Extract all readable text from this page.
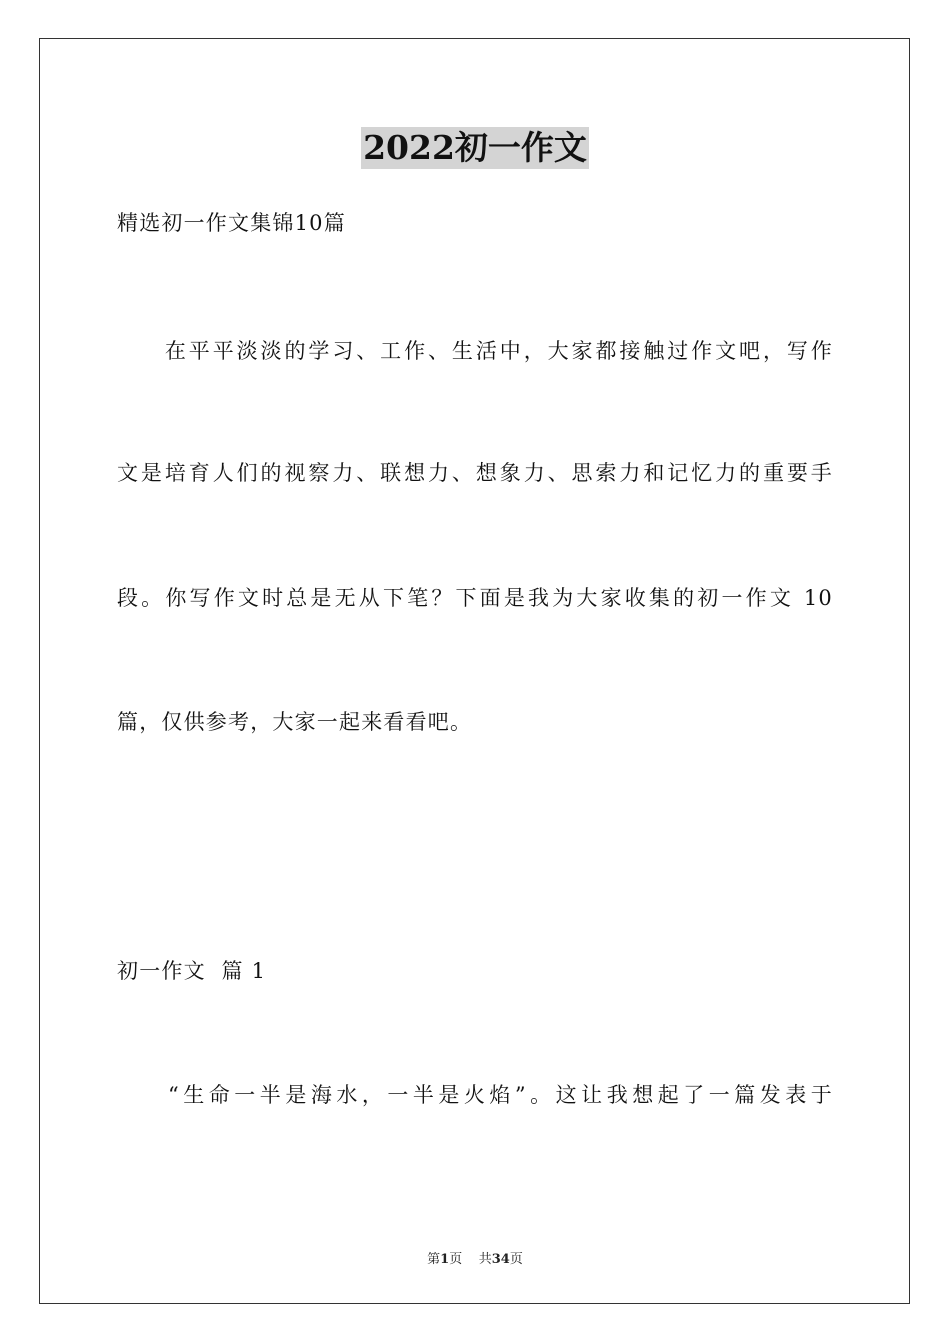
2022初一作文
精选初一作文集锦10篇
　　在平平淡淡的学习、工作、生活中，大家都接触过作文吧，写作
文是培育人们的视察力、联想力、想象力、思索力和记忆力的重要手
段。你写作文时总是无从下笔？下面是我为大家收集的初一作文 10
篇，仅供参考，大家一起来看看吧。
初一作文  篇 1
　　“生命一半是海水，一半是火焰”。这让我想起了一篇发表于
第1页 共34页
